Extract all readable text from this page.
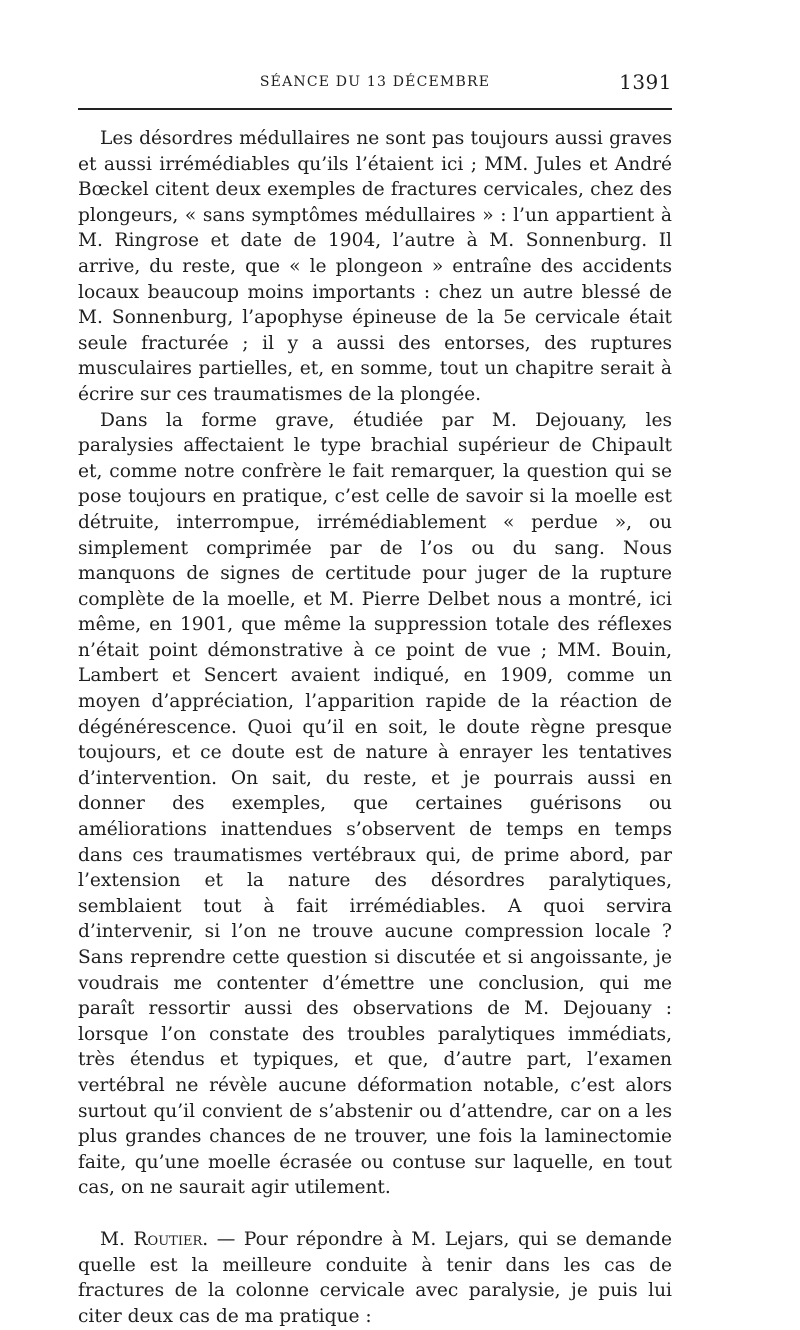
SÉANCE DU 13 DÉCEMBRE	1391

Les désordres médullaires ne sont pas toujours aussi graves et aussi irrémédiables qu’ils l’étaient ici ; MM. Jules et André Bœckel citent deux exemples de fractures cervicales, chez des plongeurs, « sans symptômes médullaires » : l’un appartient à M. Ringrose et date de 1904, l’autre à M. Sonnenburg. Il arrive, du reste, que « le plongeon » entraîne des accidents locaux beaucoup moins importants : chez un autre blessé de M. Sonnenburg, l’apophyse épineuse de la 5e cervicale était seule fracturée ; il y a aussi des entorses, des ruptures musculaires partielles, et, en somme, tout un chapitre serait à écrire sur ces traumatismes de la plongée.

Dans la forme grave, étudiée par M. Dejouany, les paralysies affectaient le type brachial supérieur de Chipault et, comme notre confrère le fait remarquer, la question qui se pose toujours en pratique, c’est celle de savoir si la moelle est détruite, interrompue, irrémédiablement « perdue », ou simplement comprimée par de l’os ou du sang. Nous manquons de signes de certitude pour juger de la rupture complète de la moelle, et M. Pierre Delbet nous a montré, ici même, en 1901, que même la suppression totale des réflexes n’était point démonstrative à ce point de vue ; MM. Bouin, Lambert et Sencert avaient indiqué, en 1909, comme un moyen d’appréciation, l’apparition rapide de la réaction de dégénérescence. Quoi qu’il en soit, le doute règne presque toujours, et ce doute est de nature à enrayer les tentatives d’intervention. On sait, du reste, et je pourrais aussi en donner des exemples, que certaines guérisons ou améliorations inattendues s’observent de temps en temps dans ces traumatismes vertébraux qui, de prime abord, par l’extension et la nature des désordres paralytiques, semblaient tout à fait irrémédiables. A quoi servira d’intervenir, si l’on ne trouve aucune compression locale ? Sans reprendre cette question si discutée et si angoissante, je voudrais me contenter d’émettre une conclusion, qui me paraît ressortir aussi des observations de M. Dejouany : lorsque l’on constate des troubles paralytiques immédiats, très étendus et typiques, et que, d’autre part, l’examen vertébral ne révèle aucune déformation notable, c’est alors surtout qu’il convient de s’abstenir ou d’attendre, car on a les plus grandes chances de ne trouver, une fois la laminectomie faite, qu’une moelle écrasée ou contuse sur laquelle, en tout cas, on ne saurait agir utilement.

M. Routier. — Pour répondre à M. Lejars, qui se demande quelle est la meilleure conduite à tenir dans les cas de fractures de la colonne cervicale avec paralysie, je puis lui citer deux cas de ma pratique :
